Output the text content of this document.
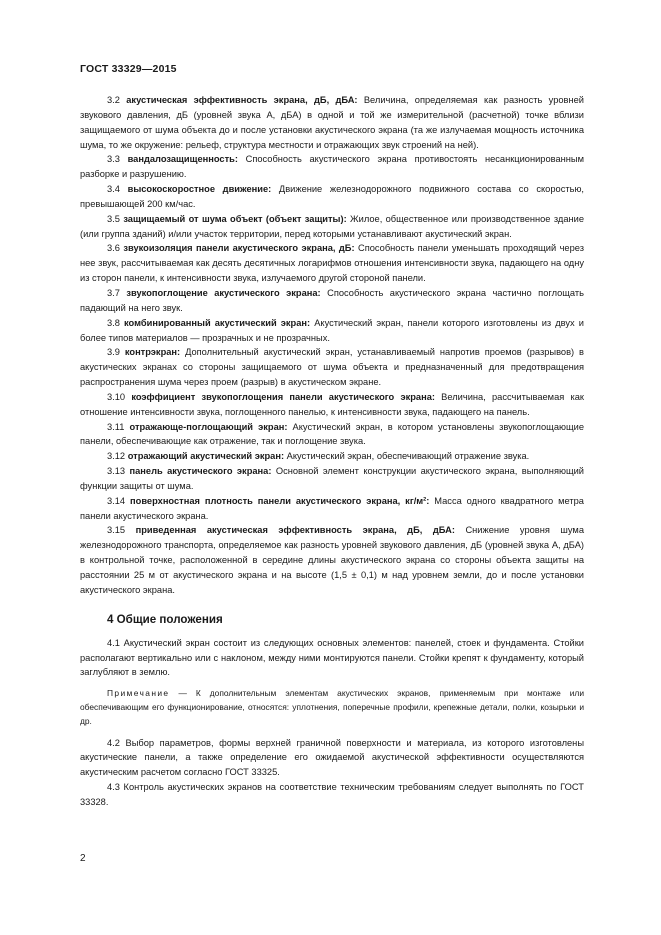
ГОСТ 33329—2015

3.2 акустическая эффективность экрана, дБ, дБА: Величина, определяемая как разность уровней звукового давления, дБ (уровней звука А, дБА) в одной и той же измерительной (расчетной) точке вблизи защищаемого от шума объекта до и после установки акустического экрана (та же излучаемая мощность источника шума, то же окружение: рельеф, структура местности и отражающих звук строений на ней).

3.3 вандалозащищенность: Способность акустического экрана противостоять несанкционированным разборке и разрушению.

3.4 высокоскоростное движение: Движение железнодорожного подвижного состава со скоростью, превышающей 200 км/час.

3.5 защищаемый от шума объект (объект защиты): Жилое, общественное или производственное здание (или группа зданий) и/или участок территории, перед которыми устанавливают акустический экран.

3.6 звукоизоляция панели акустического экрана, дБ: Способность панели уменьшать проходящий через нее звук, рассчитываемая как десять десятичных логарифмов отношения интенсивности звука, падающего на одну из сторон панели, к интенсивности звука, излучаемого другой стороной панели.

3.7 звукопоглощение акустического экрана: Способность акустического экрана частично поглощать падающий на него звук.

3.8 комбинированный акустический экран: Акустический экран, панели которого изготовлены из двух и более типов материалов — прозрачных и не прозрачных.

3.9 контрэкран: Дополнительный акустический экран, устанавливаемый напротив проемов (разрывов) в акустических экранах со стороны защищаемого от шума объекта и предназначенный для предотвращения распространения шума через проем (разрыв) в акустическом экране.

3.10 коэффициент звукопоглощения панели акустического экрана: Величина, рассчитываемая как отношение интенсивности звука, поглощенного панелью, к интенсивности звука, падающего на панель.

3.11 отражающе-поглощающий экран: Акустический экран, в котором установлены звукопоглощающие панели, обеспечивающие как отражение, так и поглощение звука.

3.12 отражающий акустический экран: Акустический экран, обеспечивающий отражение звука.

3.13 панель акустического экрана: Основной элемент конструкции акустического экрана, выполняющий функции защиты от шума.

3.14 поверхностная плотность панели акустического экрана, кг/м²: Масса одного квадратного метра панели акустического экрана.

3.15 приведенная акустическая эффективность экрана, дБ, дБА: Снижение уровня шума железнодорожного транспорта, определяемое как разность уровней звукового давления, дБ (уровней звука А, дБА) в контрольной точке, расположенной в середине длины акустического экрана со стороны объекта защиты на расстоянии 25 м от акустического экрана и на высоте (1,5 ± 0,1) м над уровнем земли, до и после установки акустического экрана.

4 Общие положения

4.1 Акустический экран состоит из следующих основных элементов: панелей, стоек и фундамента. Стойки располагают вертикально или с наклоном, между ними монтируются панели. Стойки крепят к фундаменту, который заглубляют в землю.

Примечание — К дополнительным элементам акустических экранов, применяемым при монтаже или обеспечивающим его функционирование, относятся: уплотнения, поперечные профили, крепежные детали, полки, козырьки и др.

4.2 Выбор параметров, формы верхней граничной поверхности и материала, из которого изготовлены акустические панели, а также определение его ожидаемой акустической эффективности осуществляются акустическим расчетом согласно ГОСТ 33325.

4.3 Контроль акустических экранов на соответствие техническим требованиям следует выполнять по ГОСТ 33328.

2
